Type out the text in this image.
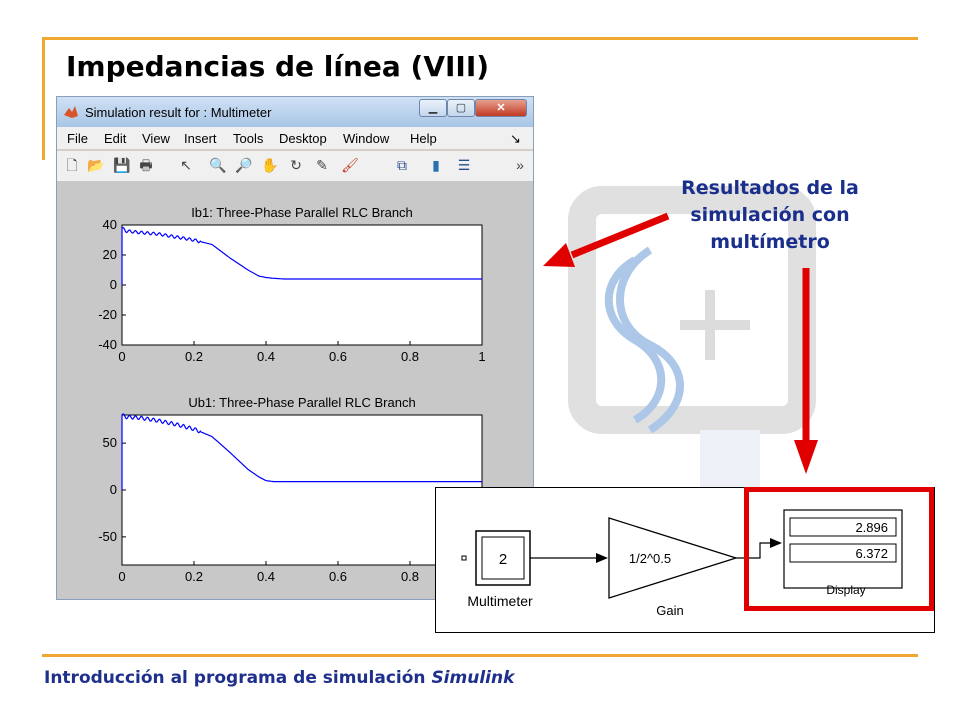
Impedancias de línea (VIII)
Simulation result for : Multimeter	▁	▢	✕
File Edit View Insert Tools Desktop Window Help	↘
🗋 📂 💾 🖶 ↖ 🔍 🔎 ✋ ↻ ✎ 🖌	⧉	▮	☰	»
Ib1: Three-Phase Parallel RLC Branch
0	0.2	0.4	0.6	0.8	1
40
20
0
-20
-40
Ub1: Three-Phase Parallel RLC Branch
0	0.2	0.4	0.6	0.8
50
0
-50
Resultados de la simulación con multímetro
2
Multimeter
1/2^0.5
Gain
2.896
6.372
Display
Introducción al programa de simulación Simulink
